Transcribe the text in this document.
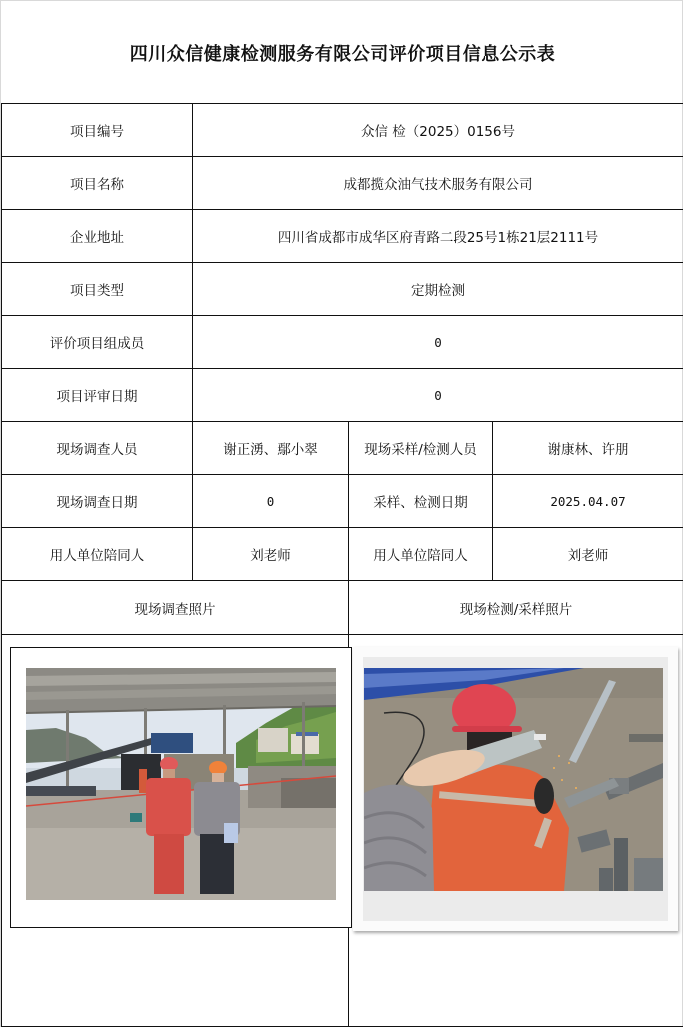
四川众信健康检测服务有限公司评价项目信息公示表
项目编号	众信 检（2025）0156号
项目名称	成都揽众油气技术服务有限公司
企业地址	四川省成都市成华区府青路二段25号1栋21层2111号
项目类型	定期检测
评价项目组成员	0
项目评审日期	0
现场调查人员	谢正湧、鄢小翠	现场采样/检测人员	谢康林、许朋
现场调查日期	0	采样、检测日期	2025.04.07
用人单位陪同人	刘老师	用人单位陪同人	刘老师
现场调查照片	现场检测/采样照片
